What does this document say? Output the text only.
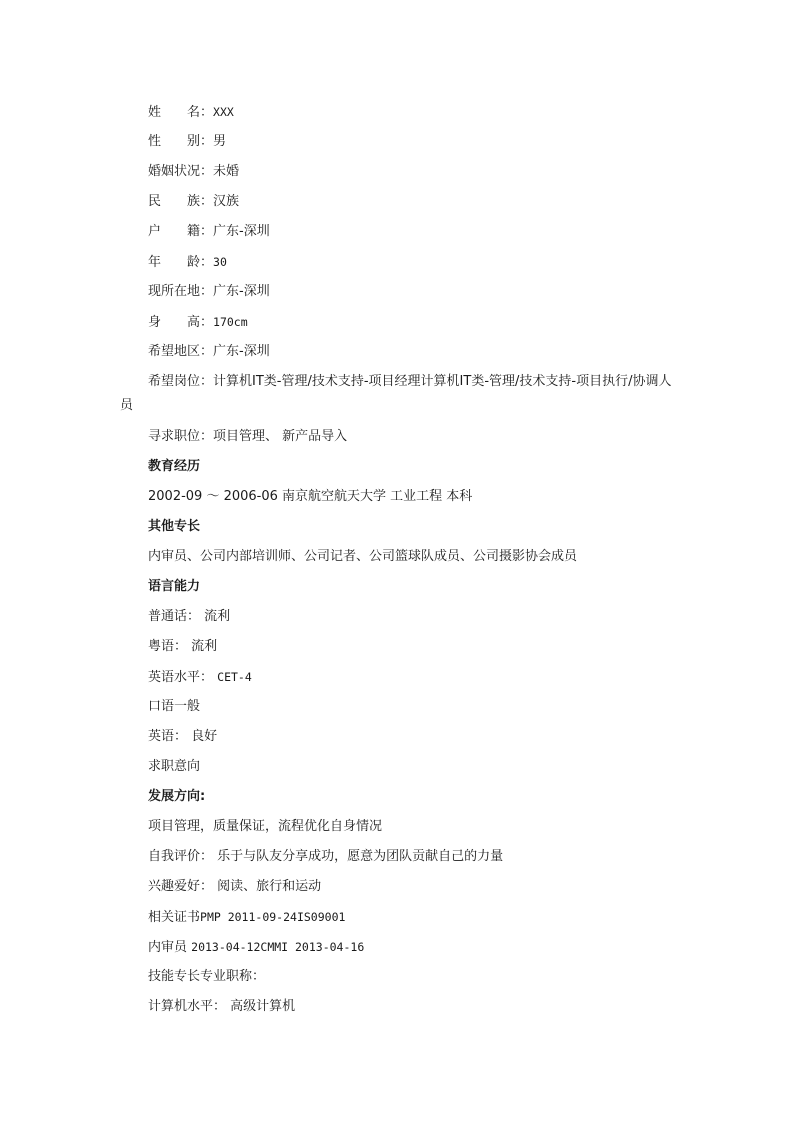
姓　　名：XXX
性　　别：男
婚姻状况：未婚
民　　族：汉族
户　　籍：广东-深圳
年　　龄：30
现所在地：广东-深圳
身　　高：170cm
希望地区：广东-深圳
希望岗位：计算机IT类-管理/技术支持-项目经理计算机IT类-管理/技术支持-项目执行/协调人员
寻求职位：项目管理、 新产品导入
教育经历
2002-09 ～ 2006-06 南京航空航天大学 工业工程 本科
其他专长
内审员、公司内部培训师、公司记者、公司篮球队成员、公司摄影协会成员
语言能力
普通话： 流利
粤语： 流利
英语水平： CET-4
口语一般
英语： 良好
求职意向
发展方向:
项目管理，质量保证，流程优化自身情况
自我评价： 乐于与队友分享成功，愿意为团队贡献自己的力量
兴趣爱好： 阅读、旅行和运动
相关证书PMP 2011-09-24IS09001
内审员 2013-04-12CMMI 2013-04-16
技能专长专业职称：
计算机水平： 高级计算机
